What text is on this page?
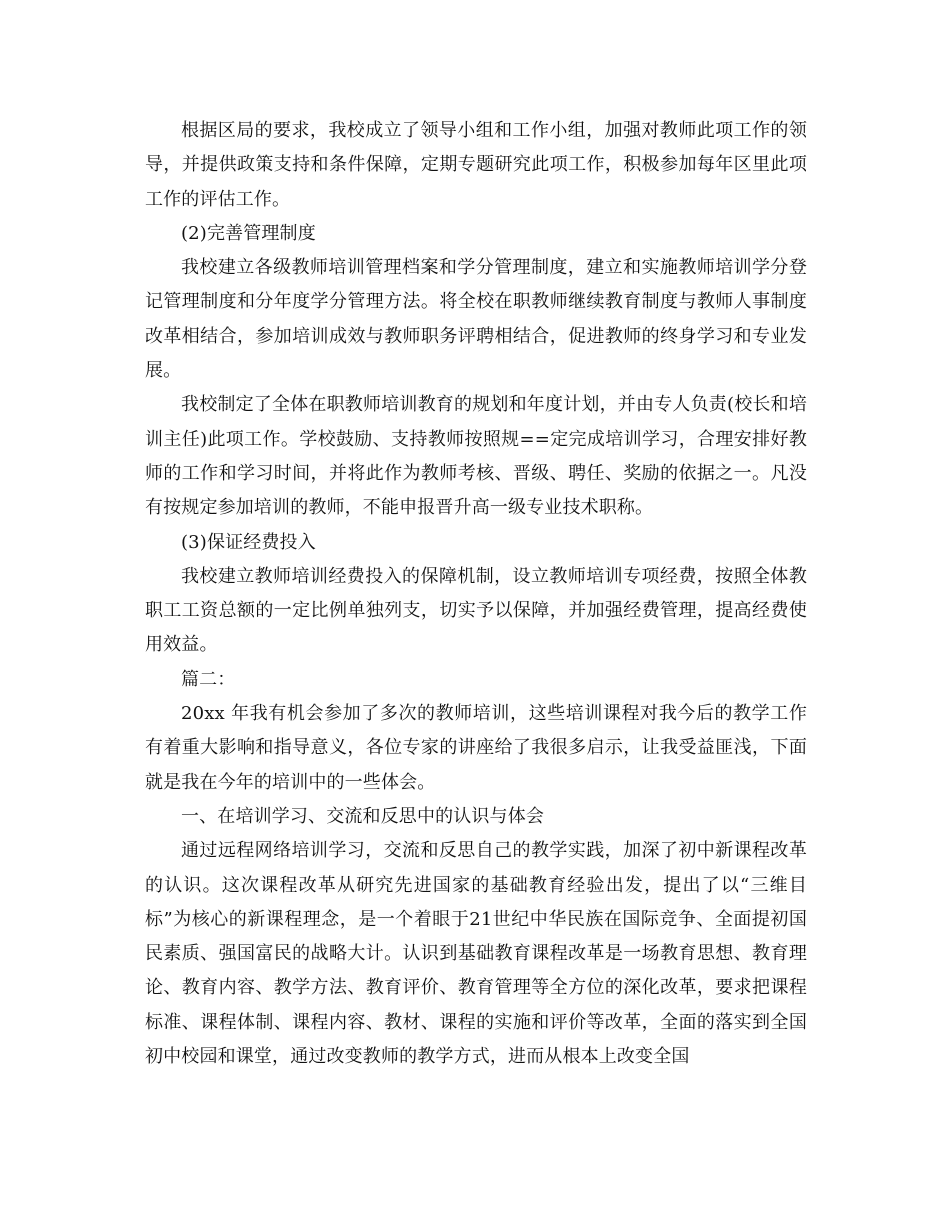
根据区局的要求，我校成立了领导小组和工作小组，加强对教师此项工作的领导，并提供政策支持和条件保障，定期专题研究此项工作，积极参加每年区里此项工作的评估工作。

(2)完善管理制度

我校建立各级教师培训管理档案和学分管理制度，建立和实施教师培训学分登记管理制度和分年度学分管理方法。将全校在职教师继续教育制度与教师人事制度改革相结合，参加培训成效与教师职务评聘相结合，促进教师的终身学习和专业发展。

我校制定了全体在职教师培训教育的规划和年度计划，并由专人负责(校长和培训主任)此项工作。学校鼓励、支持教师按照规==定完成培训学习，合理安排好教师的工作和学习时间，并将此作为教师考核、晋级、聘任、奖励的依据之一。凡没有按规定参加培训的教师，不能申报晋升高一级专业技术职称。

(3)保证经费投入

我校建立教师培训经费投入的保障机制，设立教师培训专项经费，按照全体教职工工资总额的一定比例单独列支，切实予以保障，并加强经费管理，提高经费使用效益。

篇二：

20xx 年我有机会参加了多次的教师培训，这些培训课程对我今后的教学工作有着重大影响和指导意义，各位专家的讲座给了我很多启示，让我受益匪浅，下面就是我在今年的培训中的一些体会。

一、在培训学习、交流和反思中的认识与体会

通过远程网络培训学习，交流和反思自己的教学实践，加深了初中新课程改革的认识。这次课程改革从研究先进国家的基础教育经验出发，提出了以“三维目标”为核心的新课程理念，是一个着眼于21世纪中华民族在国际竞争、全面提初国民素质、强国富民的战略大计。认识到基础教育课程改革是一场教育思想、教育理论、教育内容、教学方法、教育评价、教育管理等全方位的深化改革，要求把课程标准、课程体制、课程内容、教材、课程的实施和评价等改革，全面的落实到全国初中校园和课堂，通过改变教师的教学方式，进而从根本上改变全国
